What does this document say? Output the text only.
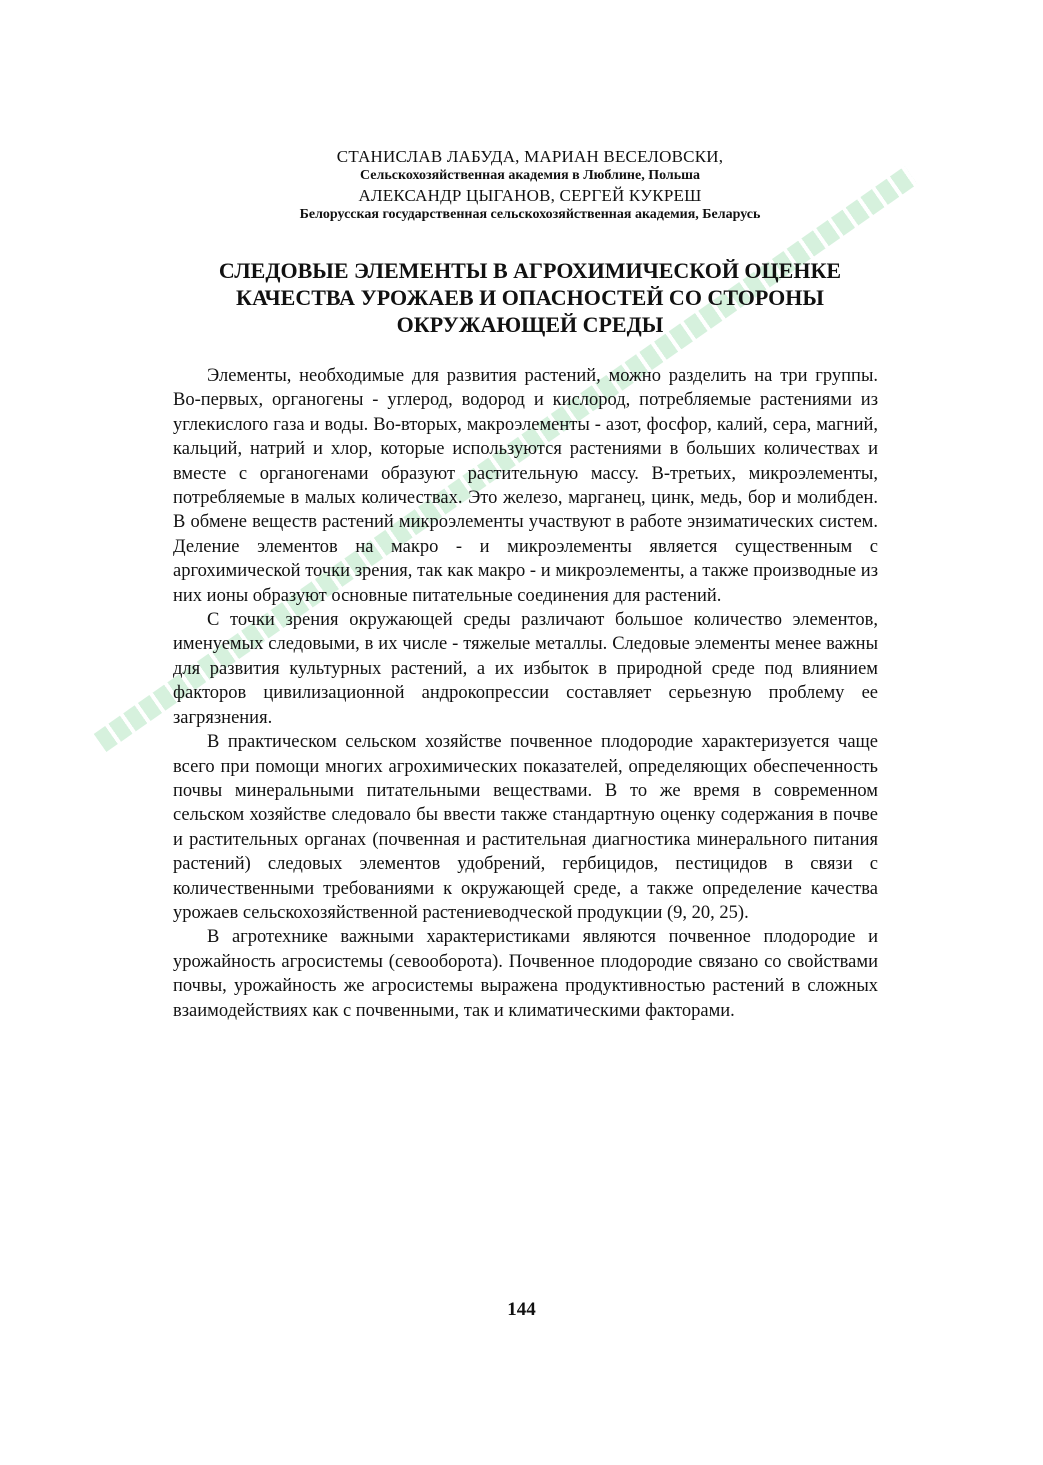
СТАНИСЛАВ ЛАБУДА, МАРИАН ВЕСЕЛОВСКИ,
Сельскохозяйственная академия в Люблине, Польша
АЛЕКСАНДР ЦЫГАНОВ, СЕРГЕЙ КУКРЕШ
Белорусская государственная сельскохозяйственная академия, Беларусь
СЛЕДОВЫЕ ЭЛЕМЕНТЫ В АГРОХИМИЧЕСКОЙ ОЦЕНКЕ
КАЧЕСТВА УРОЖАЕВ И ОПАСНОСТЕЙ СО СТОРОНЫ
ОКРУЖАЮЩЕЙ СРЕДЫ

Элементы, необходимые для развития растений, можно разделить на три группы. Во-первых, органогены - углерод, водород и кислород, потребляемые растениями из углекислого газа и воды. Во-вторых, макроэлементы - азот, фосфор, калий, сера, магний, кальций, натрий и хлор, которые используются растениями в больших количествах и вместе с органогенами образуют растительную массу. В-третьих, микроэлементы, потребляемые в малых количествах. Это железо, марганец, цинк, медь, бор и молибден. В обмене веществ растений микроэлементы участвуют в работе энзиматических систем. Деление элементов на макро - и микроэлементы является существенным с аргохимической точки зрения, так как макро - и микроэлементы, а также производные из них ионы образуют основные питательные соединения для растений.

С точки зрения окружающей среды различают большое количество элементов, именуемых следовыми, в их числе - тяжелые металлы. Следовые элементы менее важны для развития культурных растений, а их избыток в природной среде под влиянием факторов цивилизационной андрокопрессии составляет серьезную проблему ее загрязнения.

В практическом сельском хозяйстве почвенное плодородие характеризуется чаще всего при помощи многих агрохимических показателей, определяющих обеспеченность почвы минеральными питательными веществами. В то же время в современном сельском хозяйстве следовало бы ввести также стандартную оценку содержания в почве и растительных органах (почвенная и растительная диагностика минерального питания растений) следовых элементов удобрений, гербицидов, пестицидов в связи с количественными требованиями к окружающей среде, а также определение качества урожаев сельскохозяйственной растениеводческой продукции (9, 20, 25).

В агротехнике важными характеристиками являются почвенное плодородие и урожайность агросистемы (севооборота). Почвенное плодородие связано со свойствами почвы, урожайность же агросистемы выражена продуктивностью растений в сложных взаимодействиях как с почвенными, так и климатическими факторами.

144
